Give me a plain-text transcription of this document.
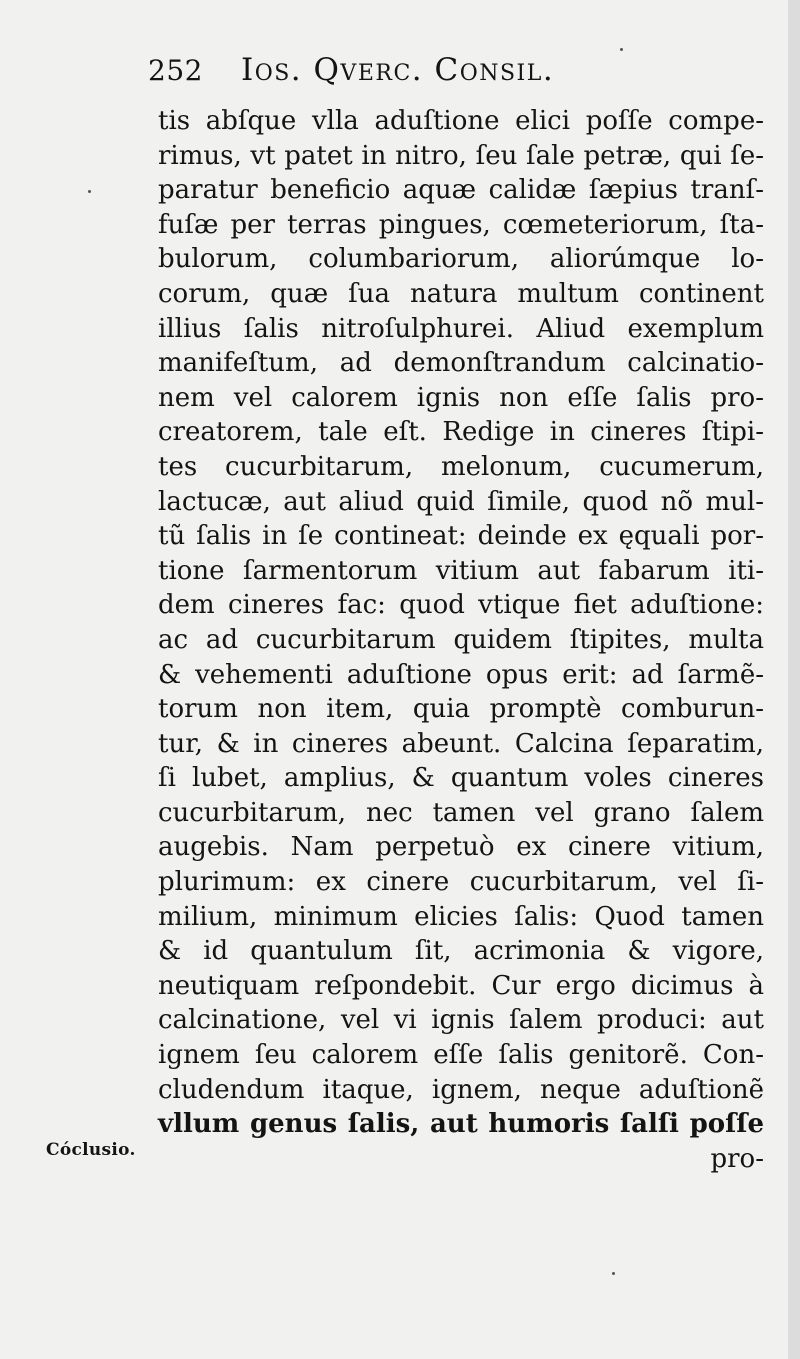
252 Ios. Qverc. Consil.
Cóclusio.
tis abſque vlla aduſtione elici poſſe compe-
rimus, vt patet in nitro, ſeu ſale petræ, qui ſe-
paratur beneficio aquæ calidæ ſæpius tranſ-
fuſæ per terras pingues, cœmeteriorum, ſta-
bulorum, columbariorum, aliorúmque lo-
corum, quæ ſua natura multum continent
illius ſalis nitroſulphurei. Aliud exemplum
manifeſtum, ad demonſtrandum calcinatio-
nem vel calorem ignis non eſſe ſalis pro-
creatorem, tale eſt. Redige in cineres ſtipi-
tes cucurbitarum, melonum, cucumerum,
lactucæ, aut aliud quid ſimile, quod nõ mul-
tũ ſalis in ſe contineat: deinde ex ęquali por-
tione ſarmentorum vitium aut fabarum iti-
dem cineres fac: quod vtique fiet aduſtione:
ac ad cucurbitarum quidem ſtipites, multa
& vehementi aduſtione opus erit: ad ſarmẽ-
torum non item, quia promptè comburun-
tur, & in cineres abeunt. Calcina ſeparatim,
ſi lubet, amplius, & quantum voles cineres
cucurbitarum, nec tamen vel grano ſalem
augebis. Nam perpetuò ex cinere vitium,
plurimum: ex cinere cucurbitarum, vel ſi-
milium, minimum elicies ſalis: Quod tamen
& id quantulum ſit, acrimonia & vigore,
neutiquam reſpondebit. Cur ergo dicimus à
calcinatione, vel vi ignis ſalem produci: aut
ignem ſeu calorem eſſe ſalis genitorẽ. Con-
cludendum itaque, ignem, neque aduſtionẽ
vllum genus ſalis, aut humoris ſalſi poſſe
pro-
